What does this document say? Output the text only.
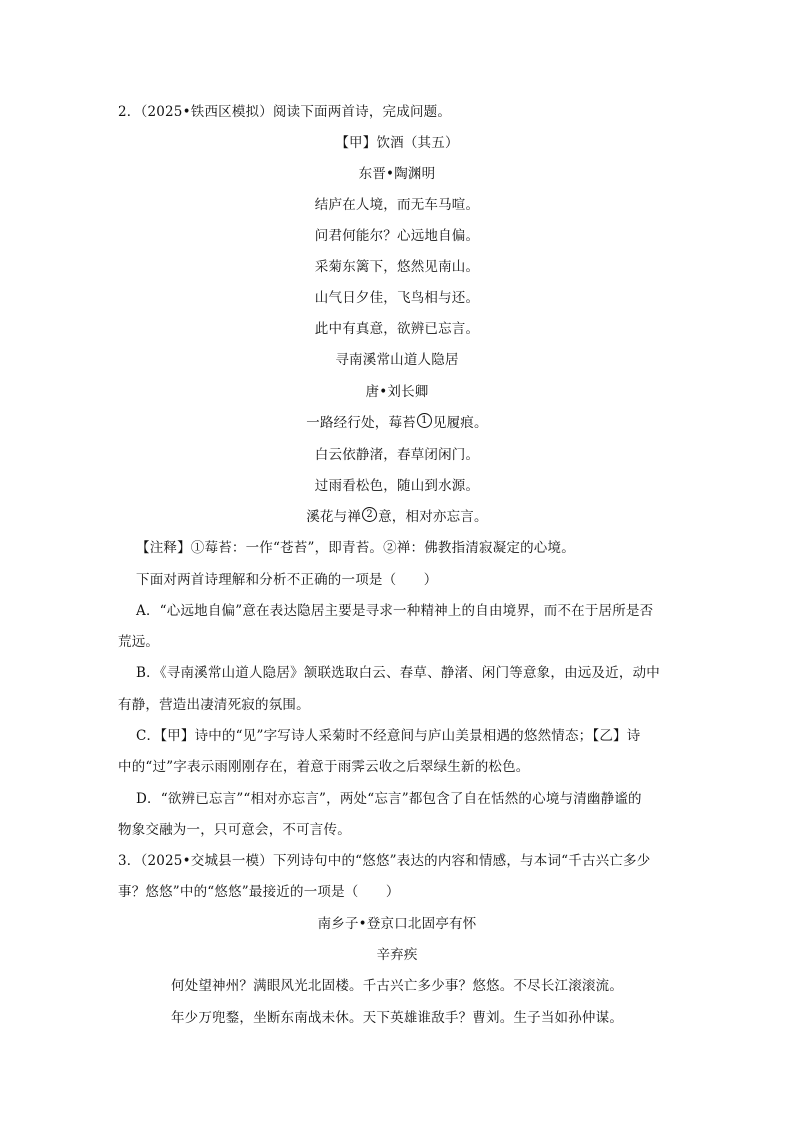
2．（2025•铁西区模拟）阅读下面两首诗，完成问题。
【甲】饮酒（其五）
东晋•陶渊明
结庐在人境，而无车马喧。
问君何能尔？心远地自偏。
采菊东篱下，悠然见南山。
山气日夕佳，飞鸟相与还。
此中有真意，欲辨已忘言。
寻南溪常山道人隐居
唐•刘长卿
一路经行处，莓苔 1 见履痕。
白云依静渚，春草闭闲门。
过雨看松色，随山到水源。
溪花与禅 2 意，相对亦忘言。
【注释】①莓苔：一作“苍苔”，即青苔。②禅：佛教指清寂凝定的心境。
下面对两首诗理解和分析不正确的一项是（　　）
A．“心远地自偏”意在表达隐居主要是寻求一种精神上的自由境界，而不在于居所是否
荒远。
B．《寻南溪常山道人隐居》颔联选取白云、春草、静渚、闲门等意象，由远及近，动中
有静，营造出凄清死寂的氛围。
C．【甲】诗中的“见”字写诗人采菊时不经意间与庐山美景相遇的悠然情态；【乙】诗
中的“过”字表示雨刚刚存在，着意于雨霁云收之后翠绿生新的松色。
D．“欲辨已忘言”“相对亦忘言”，两处“忘言”都包含了自在恬然的心境与清幽静谧的
物象交融为一，只可意会，不可言传。
3．（2025•交城县一模）下列诗句中的“悠悠”表达的内容和情感，与本词“千古兴亡多少
事？悠悠”中的“悠悠”最接近的一项是（　　）
南乡子•登京口北固亭有怀
辛弃疾
何处望神州？满眼风光北固楼。千古兴亡多少事？悠悠。不尽长江滚滚流。
年少万兜鍪，坐断东南战未休。天下英雄谁敌手？曹刘。生子当如孙仲谋。
